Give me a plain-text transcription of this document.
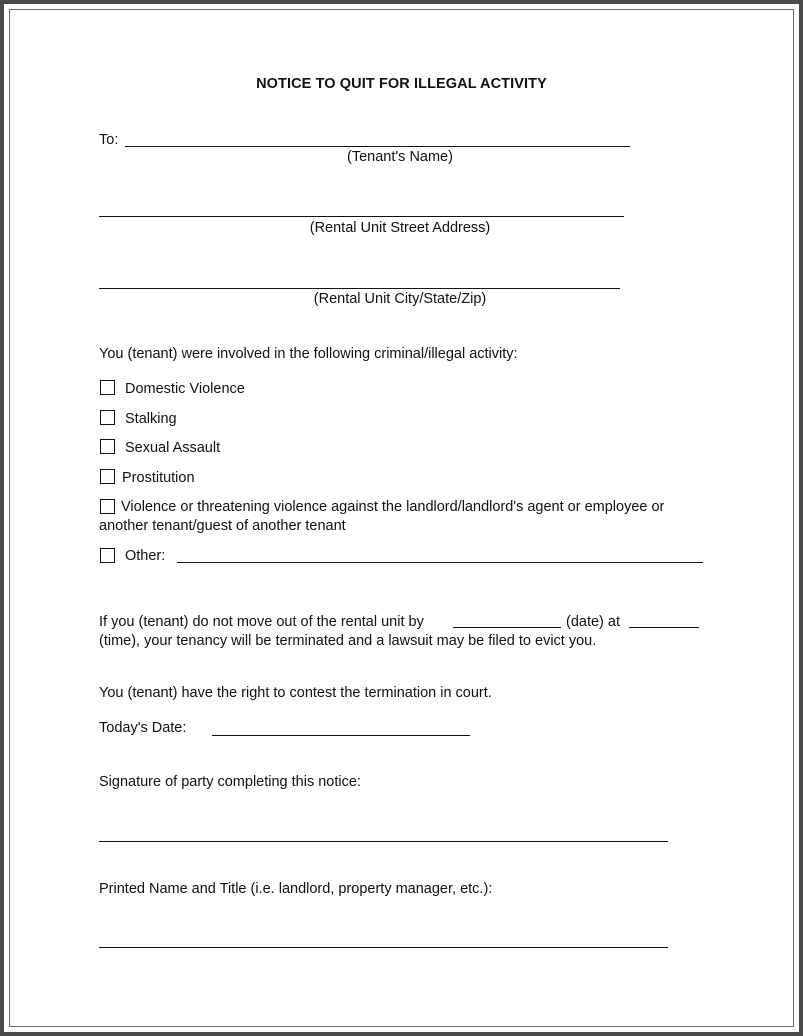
NOTICE TO QUIT FOR ILLEGAL ACTIVITY
To:
(Tenant's Name)
(Rental Unit Street Address)
(Rental Unit City/State/Zip)
You (tenant) were involved in the following criminal/illegal activity:
Domestic Violence
Stalking
Sexual Assault
Prostitution
Violence or threatening violence against the landlord/landlord's agent or employee or
another tenant/guest of another tenant
Other:
If you (tenant) do not move out of the rental unit by	(date) at
(time), your tenancy will be terminated and a lawsuit may be filed to evict you.
You (tenant) have the right to contest the termination in court.
Today's Date:
Signature of party completing this notice:
Printed Name and Title (i.e. landlord, property manager, etc.):
